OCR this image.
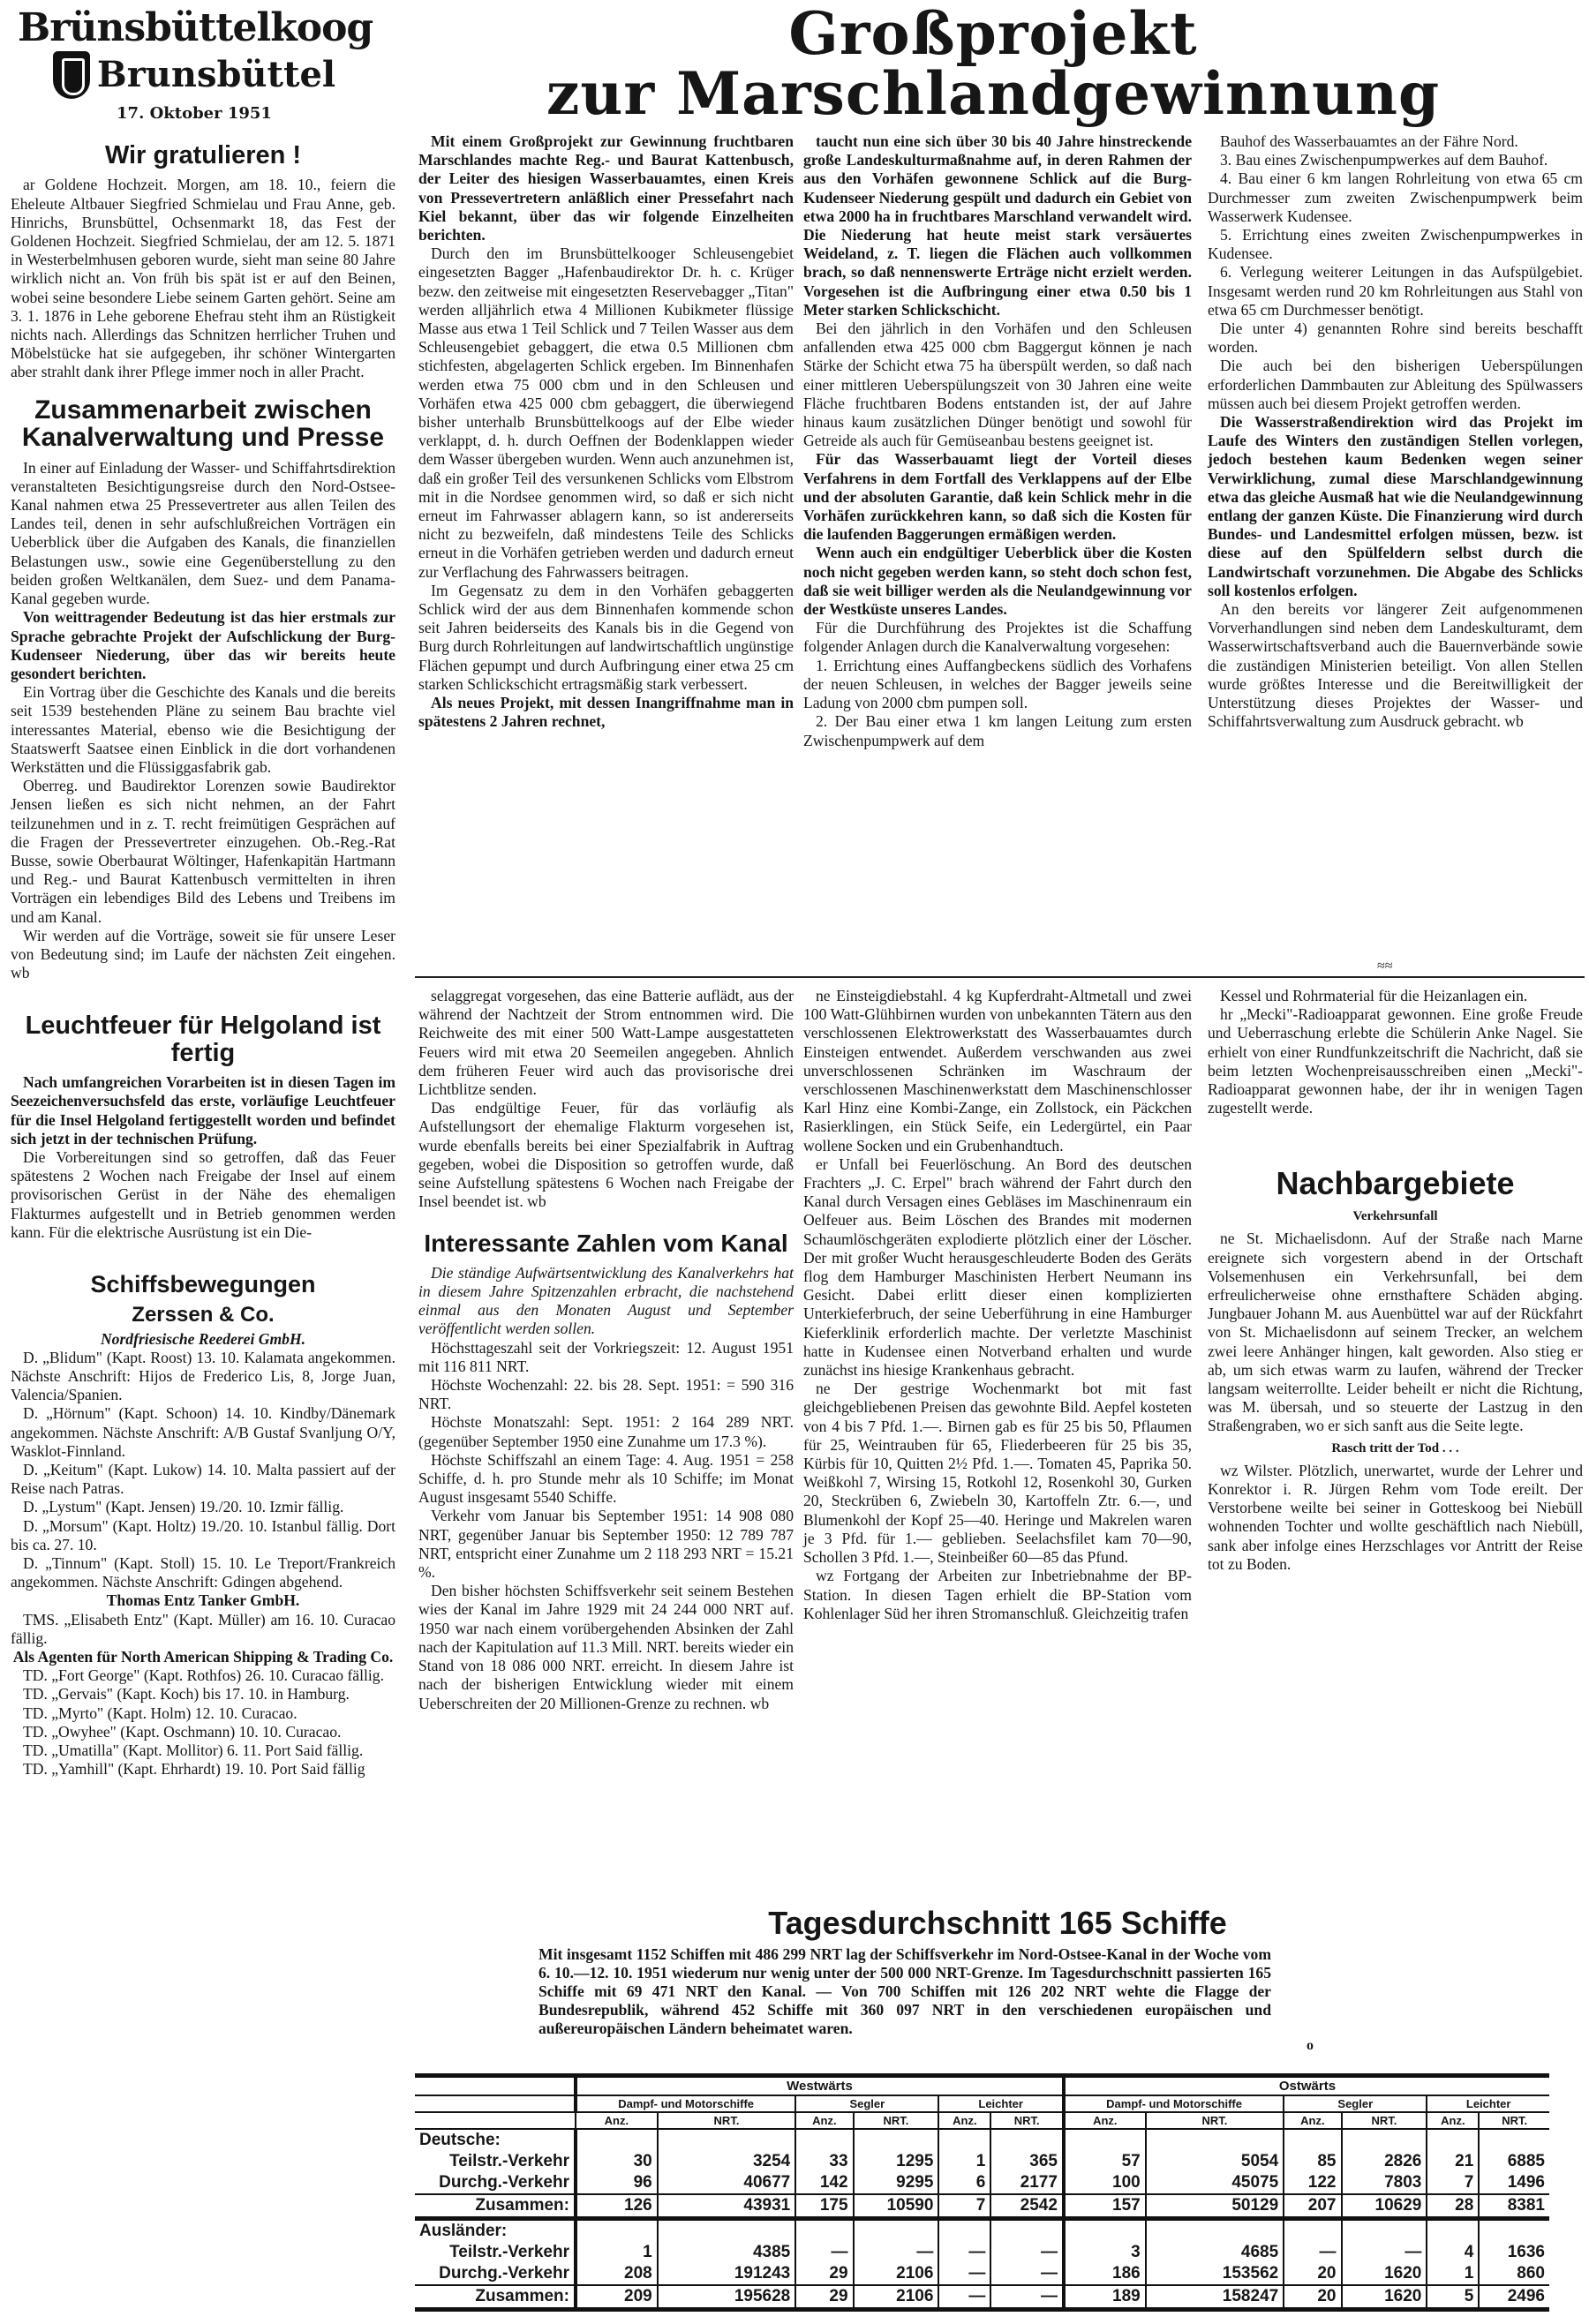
Brünsbüttelkoog
Brunsbüttel
17. Oktober 1951
Großprojekt
zur Marschlandgewinnung
Wir gratulieren !

ar Goldene Hochzeit. Morgen, am 18. 10., feiern die Eheleute Altbauer Siegfried Schmielau und Frau Anne, geb. Hinrichs, Brunsbüttel, Ochsenmarkt 18, das Fest der Goldenen Hochzeit. Siegfried Schmielau, der am 12. 5. 1871 in Westerbelmhusen geboren wurde, sieht man seine 80 Jahre wirklich nicht an. Von früh bis spät ist er auf den Beinen, wobei seine besondere Liebe seinem Garten gehört. Seine am 3. 1. 1876 in Lehe geborene Ehefrau steht ihm an Rüstigkeit nichts nach. Allerdings das Schnitzen herrlicher Truhen und Möbelstücke hat sie aufgegeben, ihr schöner Wintergarten aber strahlt dank ihrer Pflege immer noch in aller Pracht.

Zusammenarbeit zwischen Kanalverwaltung und Presse

In einer auf Einladung der Wasser- und Schiffahrtsdirektion veranstalteten Besichtigungsreise durch den Nord-Ostsee-Kanal nahmen etwa 25 Pressevertreter aus allen Teilen des Landes teil, denen in sehr aufschlußreichen Vorträgen ein Ueberblick über die Aufgaben des Kanals, die finanziellen Belastungen usw., sowie eine Gegenüberstellung zu den beiden großen Weltkanälen, dem Suez- und dem Panama-Kanal gegeben wurde.

Von weittragender Bedeutung ist das hier erstmals zur Sprache gebrachte Projekt der Aufschlickung der Burg-Kudenseer Niederung, über das wir bereits heute gesondert berichten.

Ein Vortrag über die Geschichte des Kanals und die bereits seit 1539 bestehenden Pläne zu seinem Bau brachte viel interessantes Material, ebenso wie die Besichtigung der Staatswerft Saatsee einen Einblick in die dort vorhandenen Werkstätten und die Flüssiggasfabrik gab.

Oberreg. und Baudirektor Lorenzen sowie Baudirektor Jensen ließen es sich nicht nehmen, an der Fahrt teilzunehmen und in z. T. recht freimütigen Gesprächen auf die Fragen der Pressevertreter einzugehen. Ob.-Reg.-Rat Busse, sowie Oberbaurat Wöltinger, Hafenkapitän Hartmann und Reg.- und Baurat Kattenbusch vermittelten in ihren Vorträgen ein lebendiges Bild des Lebens und Treibens im und am Kanal.

Wir werden auf die Vorträge, soweit sie für unsere Leser von Bedeutung sind; im Laufe der nächsten Zeit eingehen. wb

Leuchtfeuer für Helgoland ist fertig

Nach umfangreichen Vorarbeiten ist in diesen Tagen im Seezeichenversuchsfeld das erste, vorläufige Leuchtfeuer für die Insel Helgoland fertiggestellt worden und befindet sich jetzt in der technischen Prüfung.

Die Vorbereitungen sind so getroffen, daß das Feuer spätestens 2 Wochen nach Freigabe der Insel auf einem provisorischen Gerüst in der Nähe des ehemaligen Flakturmes aufgestellt und in Betrieb genommen werden kann. Für die elektrische Ausrüstung ist ein Die-

Schiffsbewegungen
Zerssen & Co.

Nordfriesische Reederei GmbH.

D. „Blidum" (Kapt. Roost) 13. 10. Kalamata angekommen. Nächste Anschrift: Hijos de Frederico Lis, 8, Jorge Juan, Valencia/Spanien.

D. „Hörnum" (Kapt. Schoon) 14. 10. Kindby/Dänemark angekommen. Nächste Anschrift: A/B Gustaf Svanljung O/Y, Wasklot-Finnland.

D. „Keitum" (Kapt. Lukow) 14. 10. Malta passiert auf der Reise nach Patras.

D. „Lystum" (Kapt. Jensen) 19./20. 10. Izmir fällig.

D. „Morsum" (Kapt. Holtz) 19./20. 10. Istanbul fällig. Dort bis ca. 27. 10.

D. „Tinnum" (Kapt. Stoll) 15. 10. Le Treport/Frankreich angekommen. Nächste Anschrift: Gdingen abgehend.

Thomas Entz Tanker GmbH.

TMS. „Elisabeth Entz" (Kapt. Müller) am 16. 10. Curacao fällig.

Als Agenten für North American Shipping & Trading Co.

TD. „Fort George" (Kapt. Rothfos) 26. 10. Curacao fällig.

TD. „Gervais" (Kapt. Koch) bis 17. 10. in Hamburg.

TD. „Myrto" (Kapt. Holm) 12. 10. Curacao.

TD. „Owyhee" (Kapt. Oschmann) 10. 10. Curacao.

TD. „Umatilla" (Kapt. Mollitor) 6. 11. Port Said fällig.

TD. „Yamhill" (Kapt. Ehrhardt) 19. 10. Port Said fällig

Mit einem Großprojekt zur Gewinnung fruchtbaren Marschlandes machte Reg.- und Baurat Kattenbusch, der Leiter des hiesigen Wasserbauamtes, einen Kreis von Pressevertretern anläßlich einer Pressefahrt nach Kiel bekannt, über das wir folgende Einzelheiten berichten.

Durch den im Brunsbüttelkooger Schleusengebiet eingesetzten Bagger „Hafenbaudirektor Dr. h. c. Krüger bezw. den zeitweise mit eingesetzten Reservebagger „Titan" werden alljährlich etwa 4 Millionen Kubikmeter flüssige Masse aus etwa 1 Teil Schlick und 7 Teilen Wasser aus dem Schleusengebiet gebaggert, die etwa 0.5 Millionen cbm stichfesten, abgelagerten Schlick ergeben. Im Binnenhafen werden etwa 75 000 cbm und in den Schleusen und Vorhäfen etwa 425 000 cbm gebaggert, die überwiegend bisher unterhalb Brunsbüttelkoogs auf der Elbe wieder verklappt, d. h. durch Oeffnen der Bodenklappen wieder dem Wasser übergeben wurden. Wenn auch anzunehmen ist, daß ein großer Teil des versunkenen Schlicks vom Elbstrom mit in die Nordsee genommen wird, so daß er sich nicht erneut im Fahrwasser ablagern kann, so ist andererseits nicht zu bezweifeln, daß mindestens Teile des Schlicks erneut in die Vorhäfen getrieben werden und dadurch erneut zur Verflachung des Fahrwassers beitragen.

Im Gegensatz zu dem in den Vorhäfen gebaggerten Schlick wird der aus dem Binnenhafen kommende schon seit Jahren beiderseits des Kanals bis in die Gegend von Burg durch Rohrleitungen auf landwirtschaftlich ungünstige Flächen gepumpt und durch Aufbringung einer etwa 25 cm starken Schlickschicht ertragsmäßig stark verbessert.

Als neues Projekt, mit dessen Inangriffnahme man in spätestens 2 Jahren rechnet,

taucht nun eine sich über 30 bis 40 Jahre hinstreckende große Landeskulturmaßnahme auf, in deren Rahmen der aus den Vorhäfen gewonnene Schlick auf die Burg-Kudenseer Niederung gespült und dadurch ein Gebiet von etwa 2000 ha in fruchtbares Marschland verwandelt wird. Die Niederung hat heute meist stark versäuertes Weideland, z. T. liegen die Flächen auch vollkommen brach, so daß nennenswerte Erträge nicht erzielt werden. Vorgesehen ist die Aufbringung einer etwa 0.50 bis 1 Meter starken Schlickschicht.

Bei den jährlich in den Vorhäfen und den Schleusen anfallenden etwa 425 000 cbm Baggergut können je nach Stärke der Schicht etwa 75 ha überspült werden, so daß nach einer mittleren Ueberspülungszeit von 30 Jahren eine weite Fläche fruchtbaren Bodens entstanden ist, der auf Jahre hinaus kaum zusätzlichen Dünger benötigt und sowohl für Getreide als auch für Gemüseanbau bestens geeignet ist.

Für das Wasserbauamt liegt der Vorteil dieses Verfahrens in dem Fortfall des Verklappens auf der Elbe und der absoluten Garantie, daß kein Schlick mehr in die Vorhäfen zurückkehren kann, so daß sich die Kosten für die laufenden Baggerungen ermäßigen werden.

Wenn auch ein endgültiger Ueberblick über die Kosten noch nicht gegeben werden kann, so steht doch schon fest, daß sie weit billiger werden als die Neulandgewinnung vor der Westküste unseres Landes.

Für die Durchführung des Projektes ist die Schaffung folgender Anlagen durch die Kanalverwaltung vorgesehen:

1. Errichtung eines Auffangbeckens südlich des Vorhafens der neuen Schleusen, in welches der Bagger jeweils seine Ladung von 2000 cbm pumpen soll.

2. Der Bau einer etwa 1 km langen Leitung zum ersten Zwischenpumpwerk auf dem

Bauhof des Wasserbauamtes an der Fähre Nord.

3. Bau eines Zwischenpumpwerkes auf dem Bauhof.

4. Bau einer 6 km langen Rohrleitung von etwa 65 cm Durchmesser zum zweiten Zwischenpumpwerk beim Wasserwerk Kudensee.

5. Errichtung eines zweiten Zwischenpumpwerkes in Kudensee.

6. Verlegung weiterer Leitungen in das Aufspülgebiet. Insgesamt werden rund 20 km Rohrleitungen aus Stahl von etwa 65 cm Durchmesser benötigt.

Die unter 4) genannten Rohre sind bereits beschafft worden.

Die auch bei den bisherigen Ueberspülungen erforderlichen Dammbauten zur Ableitung des Spülwassers müssen auch bei diesem Projekt getroffen werden.

Die Wasserstraßendirektion wird das Projekt im Laufe des Winters den zuständigen Stellen vorlegen, jedoch bestehen kaum Bedenken wegen seiner Verwirklichung, zumal diese Marschlandgewinnung etwa das gleiche Ausmaß hat wie die Neulandgewinnung entlang der ganzen Küste. Die Finanzierung wird durch Bundes- und Landesmittel erfolgen müssen, bezw. ist diese auf den Spülfeldern selbst durch die Landwirtschaft vorzunehmen. Die Abgabe des Schlicks soll kostenlos erfolgen.

An den bereits vor längerer Zeit aufgenommenen Vorverhandlungen sind neben dem Landeskulturamt, dem Wasserwirtschaftsverband auch die Bauernverbände sowie die zuständigen Ministerien beteiligt. Von allen Stellen wurde größtes Interesse und die Bereitwilligkeit der Unterstützung dieses Projektes der Wasser- und Schiffahrtsverwaltung zum Ausdruck gebracht. wb

≈≈

selaggregat vorgesehen, das eine Batterie auflädt, aus der während der Nachtzeit der Strom entnommen wird. Die Reichweite des mit einer 500 Watt-Lampe ausgestatteten Feuers wird mit etwa 20 Seemeilen angegeben. Ahnlich dem früheren Feuer wird auch das provisorische drei Lichtblitze senden.

Das endgültige Feuer, für das vorläufig als Aufstellungsort der ehemalige Flakturm vorgesehen ist, wurde ebenfalls bereits bei einer Spezialfabrik in Auftrag gegeben, wobei die Disposition so getroffen wurde, daß seine Aufstellung spätestens 6 Wochen nach Freigabe der Insel beendet ist. wb

Interessante Zahlen vom Kanal

Die ständige Aufwärtsentwicklung des Kanalverkehrs hat in diesem Jahre Spitzenzahlen erbracht, die nachstehend einmal aus den Monaten August und September veröffentlicht werden sollen.

Höchsttageszahl seit der Vorkriegszeit: 12. August 1951 mit 116 811 NRT.

Höchste Wochenzahl: 22. bis 28. Sept. 1951: = 590 316 NRT.

Höchste Monatszahl: Sept. 1951: 2 164 289 NRT. (gegenüber September 1950 eine Zunahme um 17.3 %).

Höchste Schiffszahl an einem Tage: 4. Aug. 1951 = 258 Schiffe, d. h. pro Stunde mehr als 10 Schiffe; im Monat August insgesamt 5540 Schiffe.

Verkehr vom Januar bis September 1951: 14 908 080 NRT, gegenüber Januar bis September 1950: 12 789 787 NRT, entspricht einer Zunahme um 2 118 293 NRT = 15.21 %.

Den bisher höchsten Schiffsverkehr seit seinem Bestehen wies der Kanal im Jahre 1929 mit 24 244 000 NRT auf. 1950 war nach einem vorübergehenden Absinken der Zahl nach der Kapitulation auf 11.3 Mill. NRT. bereits wieder ein Stand von 18 086 000 NRT. erreicht. In diesem Jahre ist nach der bisherigen Entwicklung wieder mit einem Ueberschreiten der 20 Millionen-Grenze zu rechnen. wb

ne Einsteigdiebstahl. 4 kg Kupferdraht-Altmetall und zwei 100 Watt-Glühbirnen wurden von unbekannten Tätern aus den verschlossenen Elektrowerkstatt des Wasserbauamtes durch Einsteigen entwendet. Außerdem verschwanden aus zwei unverschlossenen Schränken im Waschraum der verschlossenen Maschinenwerkstatt dem Maschinenschlosser Karl Hinz eine Kombi-Zange, ein Zollstock, ein Päckchen Rasierklingen, ein Stück Seife, ein Ledergürtel, ein Paar wollene Socken und ein Grubenhandtuch.

er Unfall bei Feuerlöschung. An Bord des deutschen Frachters „J. C. Erpel" brach während der Fahrt durch den Kanal durch Versagen eines Gebläses im Maschinenraum ein Oelfeuer aus. Beim Löschen des Brandes mit modernen Schaumlöschgeräten explodierte plötzlich einer der Löscher. Der mit großer Wucht herausgeschleuderte Boden des Geräts flog dem Hamburger Maschinisten Herbert Neumann ins Gesicht. Dabei erlitt dieser einen komplizierten Unterkieferbruch, der seine Ueberführung in eine Hamburger Kieferklinik erforderlich machte. Der verletzte Maschinist hatte in Kudensee einen Notverband erhalten und wurde zunächst ins hiesige Krankenhaus gebracht.

ne Der gestrige Wochenmarkt bot mit fast gleichgebliebenen Preisen das gewohnte Bild. Aepfel kosteten von 4 bis 7 Pfd. 1.—. Birnen gab es für 25 bis 50, Pflaumen für 25, Weintrauben für 65, Fliederbeeren für 25 bis 35, Kürbis für 10, Quitten 2½ Pfd. 1.—. Tomaten 45, Paprika 50. Weißkohl 7, Wirsing 15, Rotkohl 12, Rosenkohl 30, Gurken 20, Steckrüben 6, Zwiebeln 30, Kartoffeln Ztr. 6.—, und Blumenkohl der Kopf 25—40. Heringe und Makrelen waren je 3 Pfd. für 1.— geblieben. Seelachsfilet kam 70—90, Schollen 3 Pfd. 1.—, Steinbeißer 60—85 das Pfund.

wz Fortgang der Arbeiten zur Inbetriebnahme der BP-Station. In diesen Tagen erhielt die BP-Station vom Kohlenlager Süd her ihren Stromanschluß. Gleichzeitig trafen

Kessel und Rohrmaterial für die Heizanlagen ein.

hr „Mecki"-Radioapparat gewonnen. Eine große Freude und Ueberraschung erlebte die Schülerin Anke Nagel. Sie erhielt von einer Rundfunkzeitschrift die Nachricht, daß sie beim letzten Wochenpreisausschreiben einen „Mecki"-Radioapparat gewonnen habe, der ihr in wenigen Tagen zugestellt werde.

Nachbargebiete
Verkehrsunfall

ne St. Michaelisdonn. Auf der Straße nach Marne ereignete sich vorgestern abend in der Ortschaft Volsemenhusen ein Verkehrsunfall, bei dem erfreulicherweise ohne ernsthaftere Schäden abging. Jungbauer Johann M. aus Auenbüttel war auf der Rückfahrt von St. Michaelisdonn auf seinem Trecker, an welchem zwei leere Anhänger hingen, kalt geworden. Also stieg er ab, um sich etwas warm zu laufen, während der Trecker langsam weiterrollte. Leider beheilt er nicht die Richtung, was M. übersah, und so steuerte der Lastzug in den Straßengraben, wo er sich sanft aus die Seite legte.

Rasch tritt der Tod . . .

wz Wilster. Plötzlich, unerwartet, wurde der Lehrer und Konrektor i. R. Jürgen Rehm vom Tode ereilt. Der Verstorbene weilte bei seiner in Gotteskoog bei Niebüll wohnenden Tochter und wollte geschäftlich nach Niebüll, sank aber infolge eines Herzschlages vor Antritt der Reise tot zu Boden.

Tagesdurchschnitt 165 Schiffe

Mit insgesamt 1152 Schiffen mit 486 299 NRT lag der Schiffsverkehr im Nord-Ostsee-Kanal in der Woche vom 6. 10.—12. 10. 1951 wiederum nur wenig unter der 500 000 NRT-Grenze. Im Tagesdurchschnitt passierten 165 Schiffe mit 69 471 NRT den Kanal. — Von 700 Schiffen mit 126 202 NRT wehte die Flagge der Bundesrepublik, während 452 Schiffe mit 360 097 NRT in den verschiedenen europäischen und außereuropäischen Ländern beheimatet waren.

o
	Westwärts						Ostwärts					
	Dampf- und Motorschiffe		Segler		Leichter		Dampf- und Motorschiffe		Segler		Leichter	
	Anz.	NRT.	Anz.	NRT.	Anz.	NRT.	Anz.	NRT.	Anz.	NRT.	Anz.	NRT.
Deutsche:												
Teilstr.-Verkehr	30	3254	33	1295	1	365	57	5054	85	2826	21	6885
Durchg.-Verkehr	96	40677	142	9295	6	2177	100	45075	122	7803	7	1496
Zusammen:	126	43931	175	10590	7	2542	157	50129	207	10629	28	8381
Ausländer:												
Teilstr.-Verkehr	1	4385	—	—	—	—	3	4685	—	—	4	1636
Durchg.-Verkehr	208	191243	29	2106	—	—	186	153562	20	1620	1	860
Zusammen:	209	195628	29	2106	—	—	189	158247	20	1620	5	2496
